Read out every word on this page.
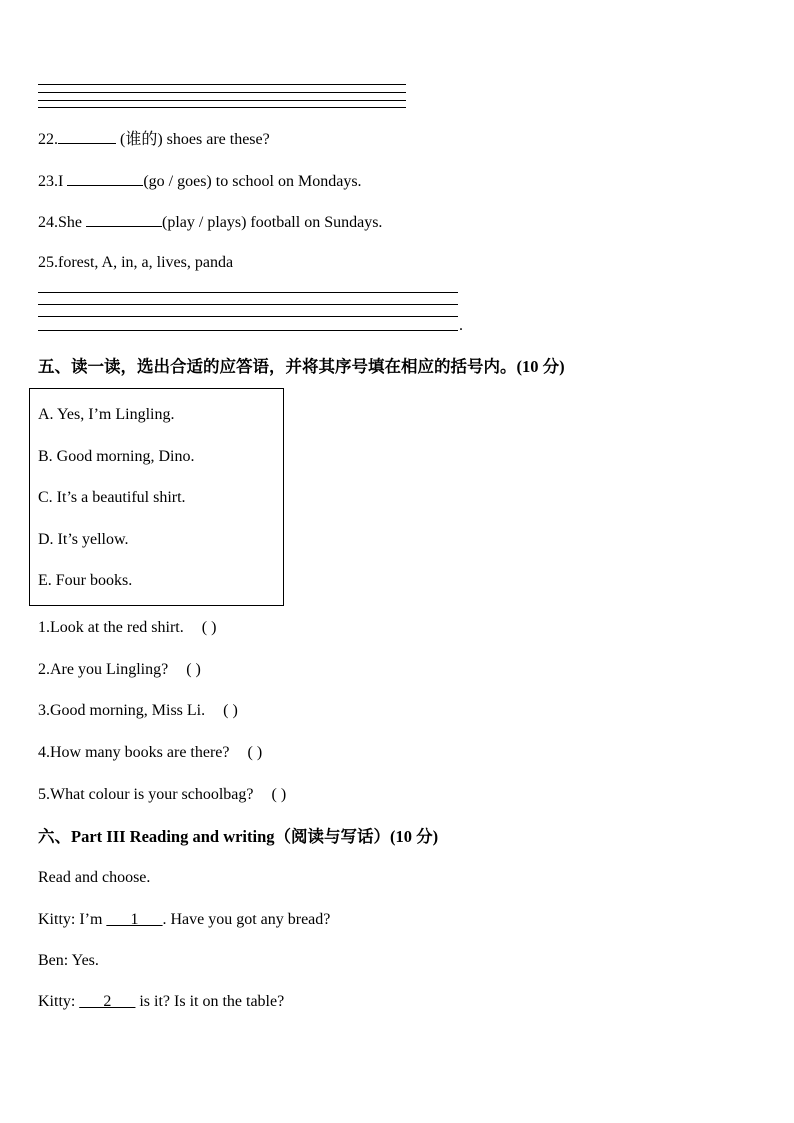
22.	(谁的) shoes are these?
23.I	(go / goes) to school on Mondays.
24.She	(play / plays) football on Sundays.
25.forest, A, in, a, lives, panda
.
五、读一读，选出合适的应答语，并将其序号填在相应的括号内。(10 分)
A. Yes, I’m Lingling.
B. Good morning, Dino.
C. It’s a beautiful shirt.
D. It’s yellow.
E. Four books.
1.Look at the red shirt. ( )
2.Are you Lingling? ( )
3.Good morning, Miss Li. ( )
4.How many books are there? ( )
5.What colour is your schoolbag? ( )
六、Part III Reading and writing（阅读与写话）(10 分)
Read and choose.
Kitty: I’m ___1___. Have you got any bread?
Ben: Yes.
Kitty: ___2___ is it? Is it on the table?
